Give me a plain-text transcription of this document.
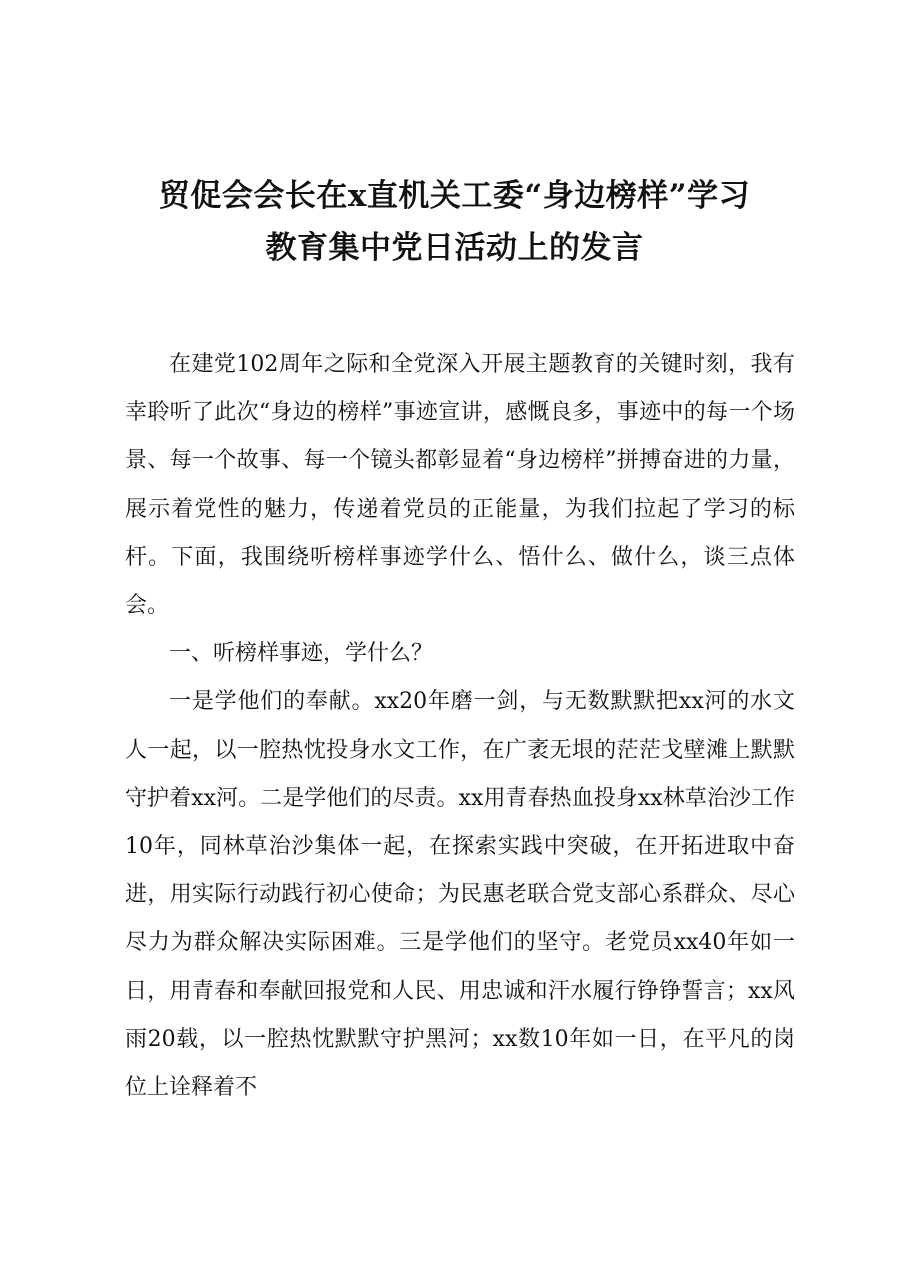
贸促会会长在x直机关工委“身边榜样”学习
教育集中党日活动上的发言

在建党102周年之际和全党深入开展主题教育的关键时刻，我有幸聆听了此次“身边的榜样”事迹宣讲，感慨良多，事迹中的每一个场景、每一个故事、每一个镜头都彰显着“身边榜样”拼搏奋进的力量，展示着党性的魅力，传递着党员的正能量，为我们拉起了学习的标杆。下面，我围绕听榜样事迹学什么、悟什么、做什么，谈三点体会。

一、听榜样事迹，学什么？

一是学他们的奉献。xx20年磨一剑，与无数默默把xx河的水文人一起，以一腔热忱投身水文工作，在广袤无垠的茫茫戈壁滩上默默守护着xx河。二是学他们的尽责。xx用青春热血投身xx林草治沙工作10年，同林草治沙集体一起，在探索实践中突破，在开拓进取中奋进，用实际行动践行初心使命；为民惠老联合党支部心系群众、尽心尽力为群众解决实际困难。三是学他们的坚守。老党员xx40年如一日，用青春和奉献回报党和人民、用忠诚和汗水履行铮铮誓言；xx风雨20载，以一腔热忱默默守护黑河；xx数10年如一日，在平凡的岗位上诠释着不
